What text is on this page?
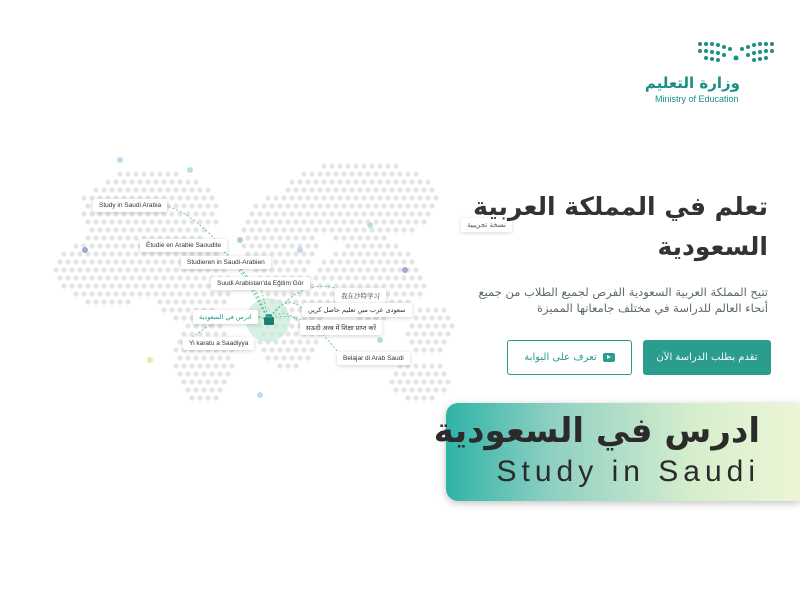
وزارة التعليم
Ministry of Education
Study in Saudi Arabia
Étudie en Arabie Saoudite
Studieren in Saudi-Arabien
Suudi Arabistan'da Eğitim Gör
我在沙特学习
سعودی عرب میں تعلیم حاصل کریں
ادرس في السعودية
सऊदी अरब में शिक्षा प्राप्त करें
Yi karatu a Saadiyya
Belajar di Arab Saudi
نسخة تجريبية
تعلم في المملكة العربية
السعودية
تتيح المملكة العربية السعودية الفرص لجميع الطلاب من جميع أنحاء العالم للدراسة في مختلف جامعاتها المميزة
تقدم بطلب الدراسة الآن
تعرف على البوابة
ادرس في السعودية
Study in Saudi
